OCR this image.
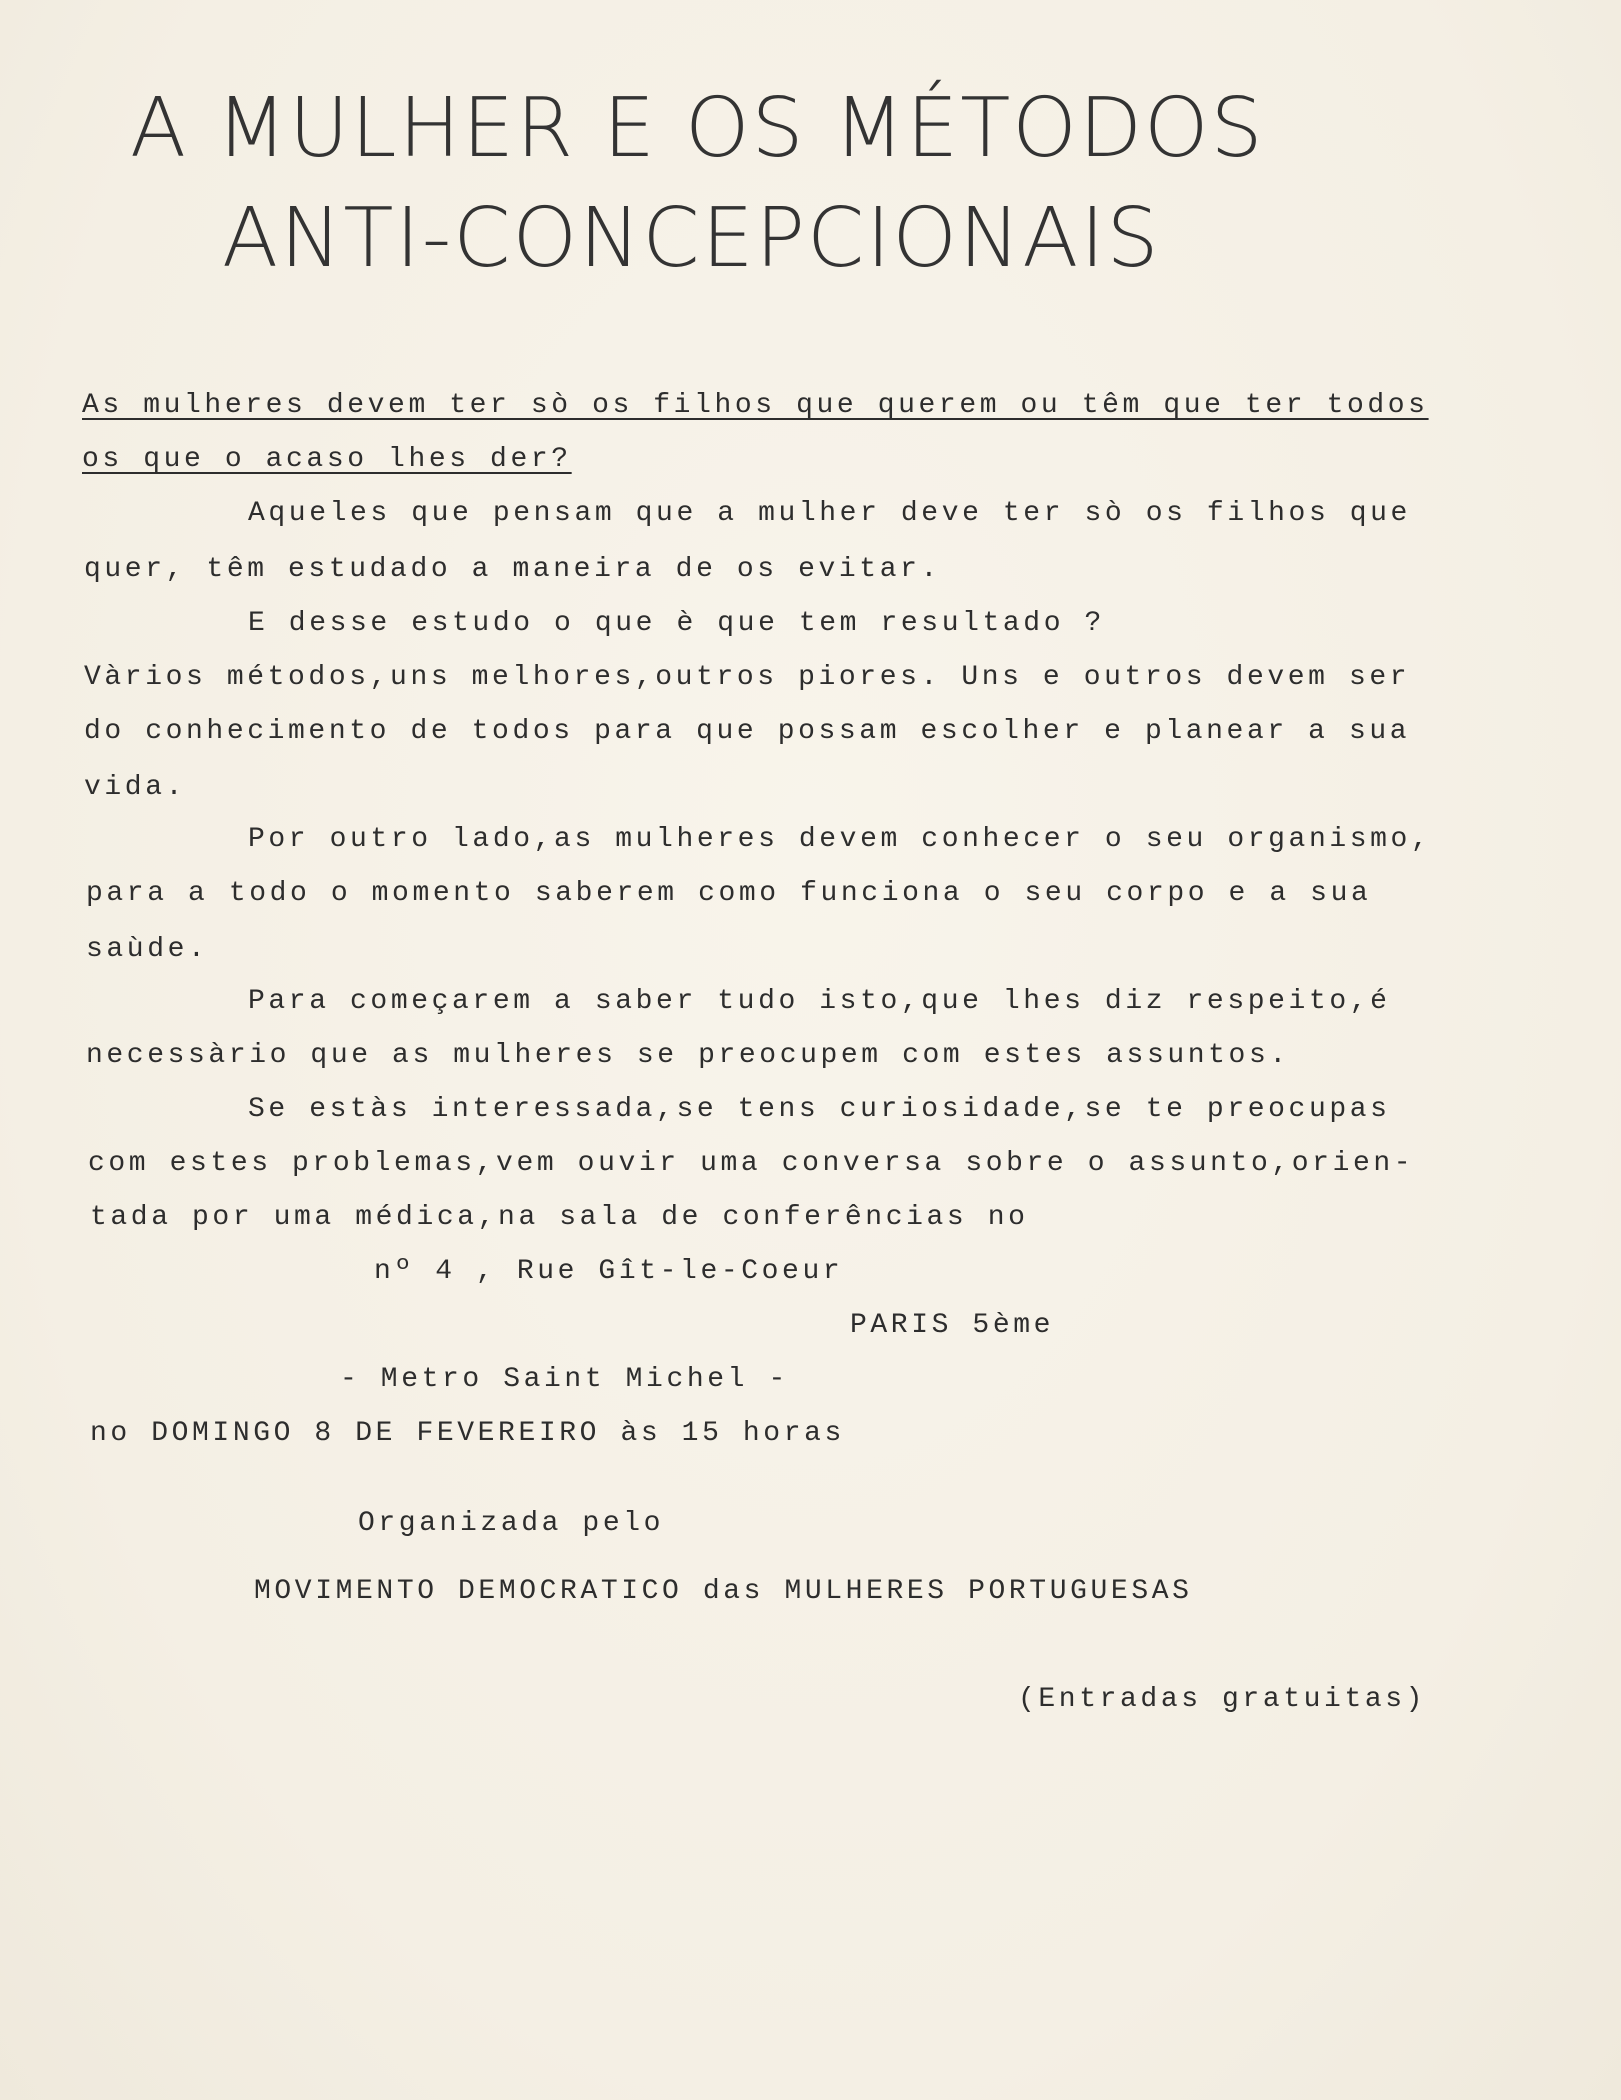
A MULHER E OS MÉTODOS
ANTI-CONCEPCIONAIS
As mulheres devem ter sò os filhos que querem ou têm que ter todos
os que o acaso lhes der?
Aqueles que pensam que a mulher deve ter sò os filhos que
quer, têm estudado a maneira de os evitar.
E desse estudo o que è que tem resultado ?
Vàrios métodos,uns melhores,outros piores. Uns e outros devem ser
do conhecimento de todos para que possam escolher e planear a sua
vida.
Por outro lado,as mulheres devem conhecer o seu organismo,
para a todo o momento saberem como funciona o seu corpo e a sua
saùde.
Para começarem a saber tudo isto,que lhes diz respeito,é
necessàrio que as mulheres se preocupem com estes assuntos.
Se estàs interessada,se tens curiosidade,se te preocupas
com estes problemas,vem ouvir uma conversa sobre o assunto,orien-
tada por uma médica,na sala de conferências no
nº 4 , Rue Gît-le-Coeur
PARIS 5ème
- Metro Saint Michel -
no DOMINGO 8 DE FEVEREIRO às 15 horas
Organizada pelo
MOVIMENTO DEMOCRATICO das MULHERES PORTUGUESAS
(Entradas gratuitas)
